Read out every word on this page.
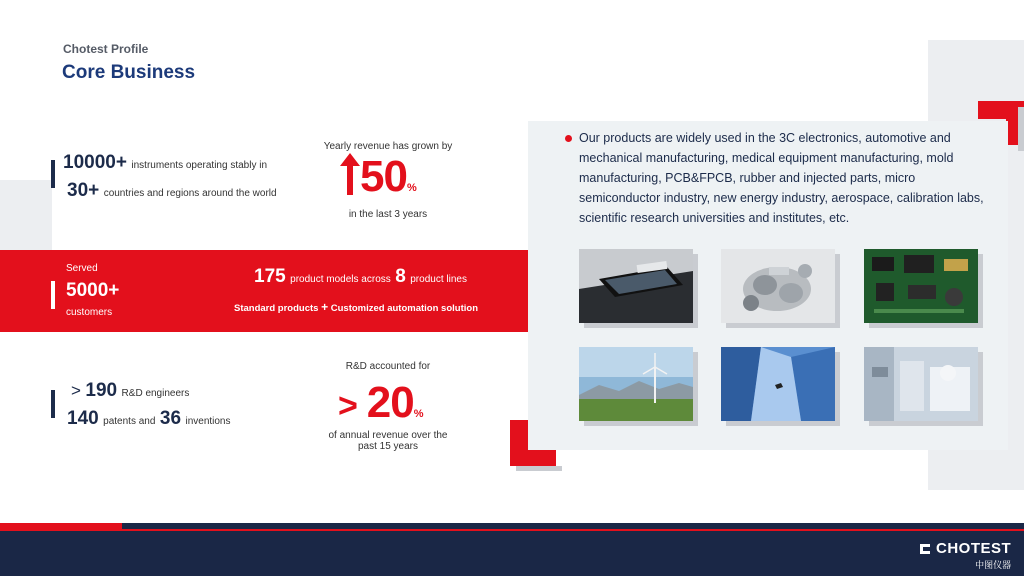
Chotest Profile
Core Business
10000+ instruments operating stably in
30+ countries and regions around the world
Yearly revenue has grown by
50%
in the last 3 years
Served
5000+
customers
175 product models across 8 product lines
Standard products + Customized automation solution
> 190 R&D engineers
140 patents and 36 inventions
R&D accounted for
> 20%
of annual revenue over the past 15 years
Our products are widely used in the 3C electronics, automotive and mechanical manufacturing, medical equipment manufacturing, mold manufacturing, PCB&FPCB, rubber and injected parts, micro semiconductor industry, new energy industry, aerospace, calibration labs, scientific research universities and institutes, etc.
CHOTEST
中图仪器
